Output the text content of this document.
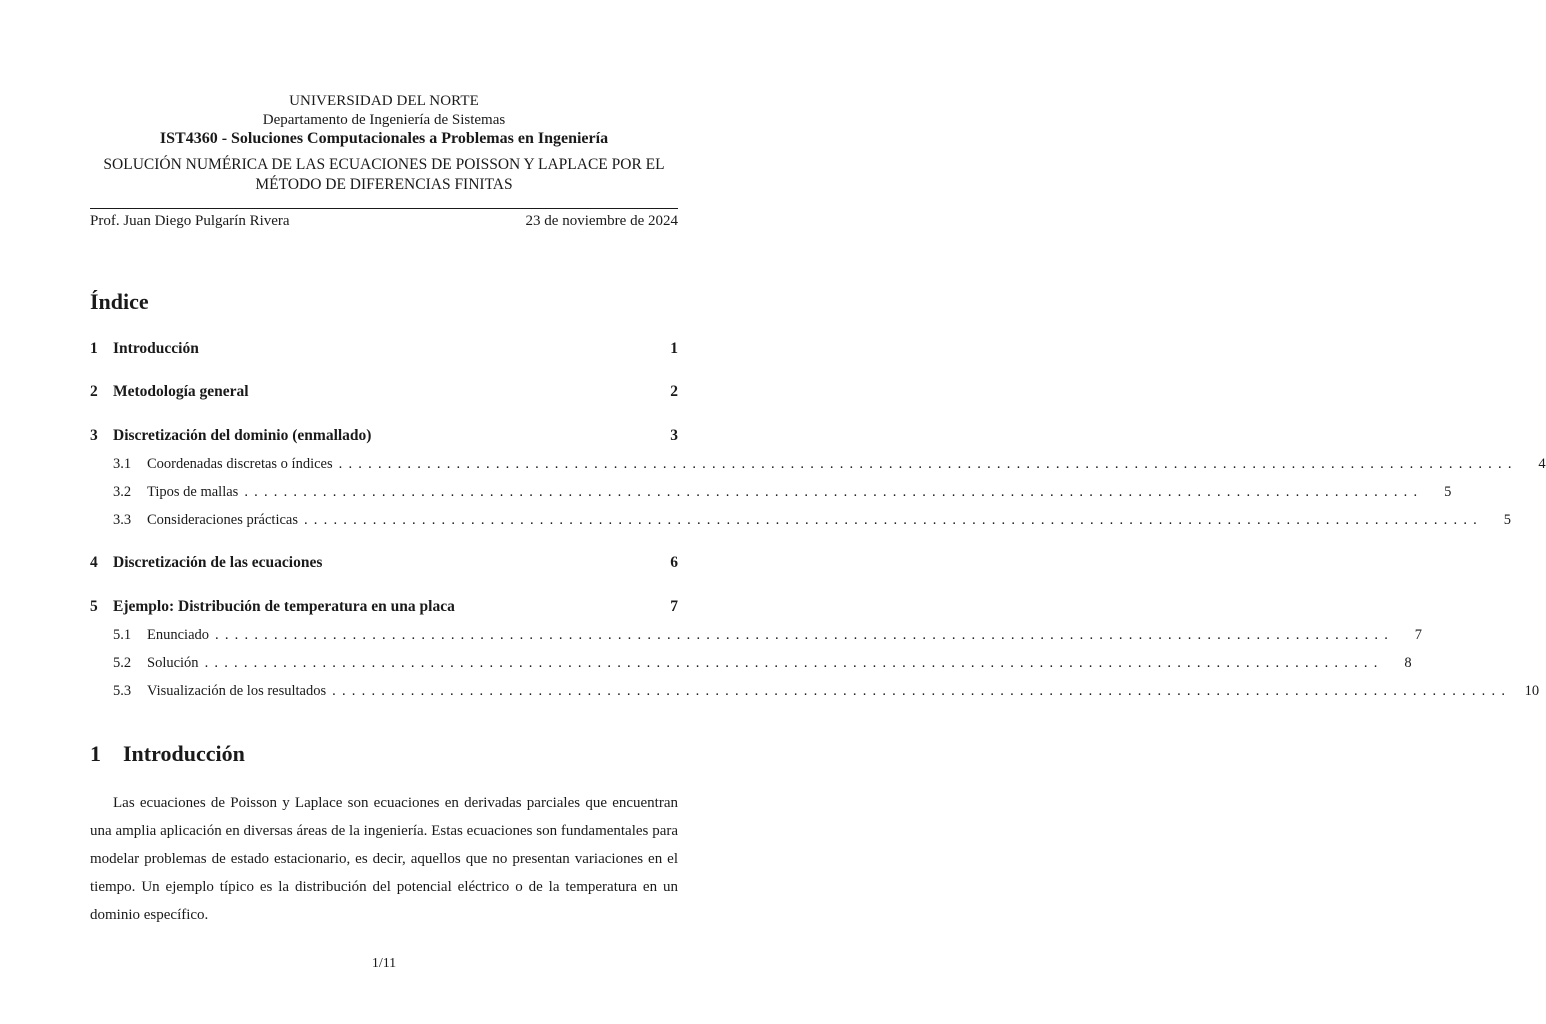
UNIVERSIDAD DEL NORTE
Departamento de Ingeniería de Sistemas
IST4360 - Soluciones Computacionales a Problemas en Ingeniería
SOLUCIÓN NUMÉRICA DE LAS ECUACIONES DE POISSON Y LAPLACE POR EL
MÉTODO DE DIFERENCIAS FINITAS
Prof. Juan Diego Pulgarín Rivera	23 de noviembre de 2024
Índice
1 Introducción	1
2 Metodología general	2
3 Discretización del dominio (enmallado)	3
3.1	Coordenadas discretas o índices ........................................................................................................................	4
3.2	Tipos de mallas ........................................................................................................................	5
3.3	Consideraciones prácticas ........................................................................................................................	5
4 Discretización de las ecuaciones	6
5 Ejemplo: Distribución de temperatura en una placa	7
5.1	Enunciado ........................................................................................................................	7
5.2	Solución ........................................................................................................................	8
5.3	Visualización de los resultados ........................................................................................................................ 10
1 Introducción
Las ecuaciones de Poisson y Laplace son ecuaciones en derivadas parciales que encuentran una amplia aplicación en diversas áreas de la ingeniería. Estas ecuaciones son fundamentales para modelar problemas de estado estacionario, es decir, aquellos que no presentan variaciones en el tiempo. Un ejemplo típico es la distribución del potencial eléctrico o de la temperatura en un dominio específico.
1/11
